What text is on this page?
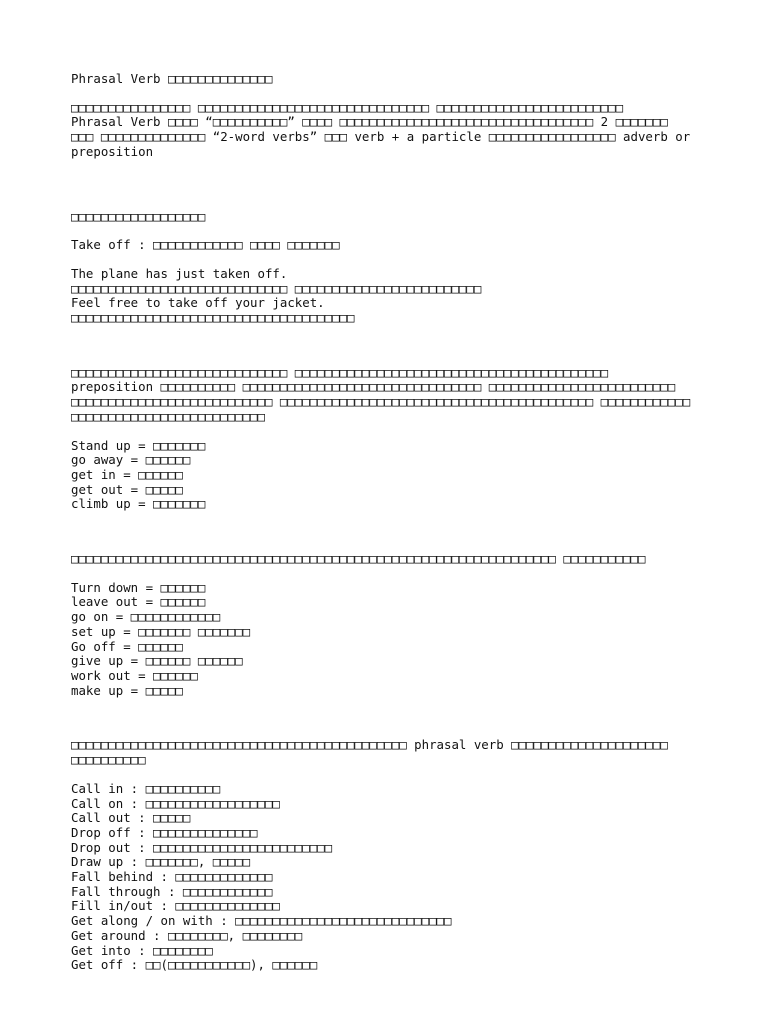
Phrasal Verb □□□□□□□□□□□□□□
□□□□□□□□□□□□□□□□ □□□□□□□□□□□□□□□□□□□□□□□□□□□□□□□ □□□□□□□□□□□□□□□□□□□□□□□□□
Phrasal Verb □□□□ “□□□□□□□□□□” □□□□ □□□□□□□□□□□□□□□□□□□□□□□□□□□□□□□□□□ 2 □□□□□□□
□□□ □□□□□□□□□□□□□□ “2-word verbs” □□□ verb + a particle □□□□□□□□□□□□□□□□□ adverb or
preposition
□□□□□□□□□□□□□□□□□□
Take off : □□□□□□□□□□□□ □□□□ □□□□□□□
The plane has just taken off.
□□□□□□□□□□□□□□□□□□□□□□□□□□□□□ □□□□□□□□□□□□□□□□□□□□□□□□□
Feel free to take off your jacket.
□□□□□□□□□□□□□□□□□□□□□□□□□□□□□□□□□□□□□□
□□□□□□□□□□□□□□□□□□□□□□□□□□□□□ □□□□□□□□□□□□□□□□□□□□□□□□□□□□□□□□□□□□□□□□□□
preposition □□□□□□□□□□ □□□□□□□□□□□□□□□□□□□□□□□□□□□□□□□□ □□□□□□□□□□□□□□□□□□□□□□□□□
□□□□□□□□□□□□□□□□□□□□□□□□□□□ □□□□□□□□□□□□□□□□□□□□□□□□□□□□□□□□□□□□□□□□□□ □□□□□□□□□□□□
□□□□□□□□□□□□□□□□□□□□□□□□□□
Stand up = □□□□□□□
go away = □□□□□□
get in = □□□□□□
get out = □□□□□
climb up = □□□□□□□
□□□□□□□□□□□□□□□□□□□□□□□□□□□□□□□□□□□□□□□□□□□□□□□□□□□□□□□□□□□□□□□□□ □□□□□□□□□□□
Turn down = □□□□□□
leave out = □□□□□□
go on = □□□□□□□□□□□□
set up = □□□□□□□ □□□□□□□
Go off = □□□□□□
give up = □□□□□□ □□□□□□
work out = □□□□□□
make up = □□□□□
□□□□□□□□□□□□□□□□□□□□□□□□□□□□□□□□□□□□□□□□□□□□□ phrasal verb □□□□□□□□□□□□□□□□□□□□□
□□□□□□□□□□
Call in : □□□□□□□□□□
Call on : □□□□□□□□□□□□□□□□□□
Call out : □□□□□
Drop off : □□□□□□□□□□□□□□
Drop out : □□□□□□□□□□□□□□□□□□□□□□□□
Draw up : □□□□□□□, □□□□□
Fall behind : □□□□□□□□□□□□□
Fall through : □□□□□□□□□□□□
Fill in/out : □□□□□□□□□□□□□□
Get along / on with : □□□□□□□□□□□□□□□□□□□□□□□□□□□□□
Get around : □□□□□□□□, □□□□□□□□
Get into : □□□□□□□□
Get off : □□(□□□□□□□□□□□), □□□□□□
